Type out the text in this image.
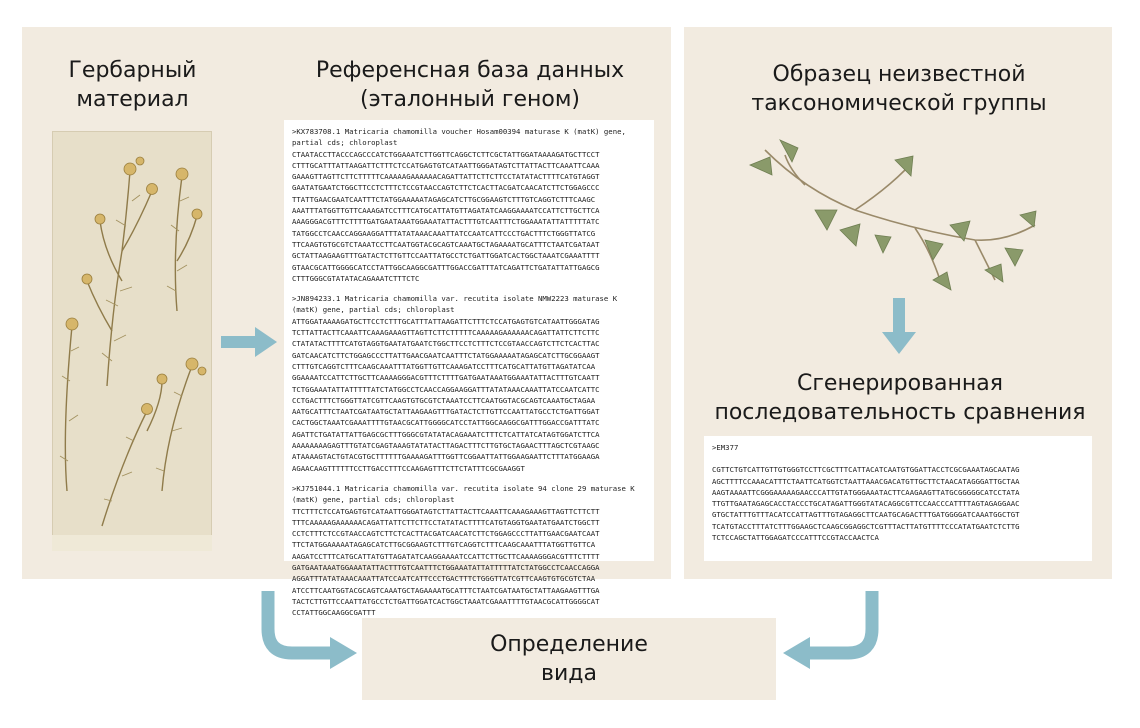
Гербарный материал
Референсная база данных (эталонный геном)
Образец неизвестной таксономической группы
Сгенерированная последовательность сравнения
Определение вида
>KX783708.1 Matricaria chamomilla voucher Hosam00394 maturase K (matK) gene, partial cds; chloroplast
CTAATACCTTACCCAGCCCATCTGGAAATCTTGGTTCAGGCTCTTCGCTATTGGATAAAAGATGCTTCCT
CTTTGCATTTATTAAGATTCTTTCTCCATGAGTGTCATAATTGGGATAGTCTTATTACTTCAAATTCAAA
GAAAGTTAGTTCTTCTTTTTCAAAAAGAAAAAACAGATTATTCTTCTTCCTATATACTTTTCATGTAGGT
GAATATGAATCTGGCTTCCTCTTTCTCCGTAACCAGTCTTCTCACTTACGATCAACATCTTCTGGAGCCC
TTATTGAACGAATCAATTTCTATGGAAAAATAGAGCATCTTGCGGAAGTCTTTGTCAGGTCTTTCAAGC
AAATTTATGGTTGTTCAAAGATCCTTTCATGCATTATGTTAGATATCAAGGAAAATCCATTCTTGCTTCA
AAAGGGACGTTTCTTTTGATGAATAAATGGAAATATTACTTTGTCAATTTCTGGAAATATTATTTTTATC
TATGGCCTCAACCAGGAAGGATTTATATAAACAAATTATCCAATCATTCCCTGACTTTCTGGGTTATCG
TTCAAGTGTGCGTCTAAATCCTTCAATGGTACGCAGTCAAATGCTAGAAAATGCATTTCTAATCGATAAT
GCTATTAAGAAGTTTGATACTCTTGTTCCAATTATGCCTCTGATTGGATCACTGGCTAAATCGAAATTTT
GTAACGCATTGGGGCATCCTATTGGCAAGGCGATTTGGACCGATTTATCAGATTCTGATATTATTGAGCG
CTTTGGGCGTATATACAGAAATCTTTCTC
>JN894233.1 Matricaria chamomilla var. recutita isolate NMW2223 maturase K (matK) gene, partial cds; chloroplast
ATTGGATAAAAGATGCTTCCTCTTTGCATTTATTAAGATTCTTTCTCCATGAGTGTCATAATTGGGATAG
TCTTATTACTTCAAATTCAAAGAAAGTTAGTTCTTCTTTTTCAAAAAGAAAAAACAGATTATTCTTCTTC
CTATATACTTTTCATGTAGGTGAATATGAATCTGGCTTCCTCTTTCTCCGTAACCAGTCTTCTCACTTAC
GATCAACATCTTCTGGAGCCCTTATTGAACGAATCAATTTCTATGGAAAAATAGAGCATCTTGCGGAAGT
CTTTGTCAGGTCTTTCAAGCAAATTTATGGTTGTTCAAAGATCCTTTCATGCATTATGTTAGATATCAA
GGAAAATCCATTCTTGCTTCAAAAGGGACGTTTCTTTTGATGAATAAATGGAAATATTACTTTGTCAATT
TCTGGAAATATTATTTTTATCTATGGCCTCAACCAGGAAGGATTTATATAAACAAATTATCCAATCATTC
CCTGACTTTCTGGGTTATCGTTCAAGTGTGCGTCTAAATCCTTCAATGGTACGCAGTCAAATGCTAGAA
AATGCATTTCTAATCGATAATGCTATTAAGAAGTTTGATACTCTTGTTCCAATTATGCCTCTGATTGGAT
CACTGGCTAAATCGAAATTTTGTAACGCATTGGGGCATCCTATTGGCAAGGCGATTTGGACCGATTTATC
AGATTCTGATATTATTGAGCGCTTTGGGCGTATATACAGAAATCTTTCTCATTATCATAGTGGATCTTCA
AAAAAAAAGAGTTTGTATCGAGTAAAGTATATACTTAGACTTTCTTGTGCTAGAACTTTAGCTCGTAAGC
ATAAAAGTACTGTACGTGCTTTTTTGAAAAGATTTGGTTCGGAATTATTGGAAGAATTCTTTATGGAAGA
AGAACAAGTTTTTTCCTTGACCTTTCCAAGAGTTTCTTCTATTTCGCGAAGGT
>KJ751044.1 Matricaria chamomilla var. recutita isolate 94 clone 29 maturase K (matK) gene, partial cds; chloroplast
TTCTTTCTCCATGAGTGTCATAATTGGGATAGTCTTATTACTTCAAATTCAAAGAAAGTTAGTTCTTCTT
TTTCAAAAAGAAAAAACAGATTATTCTTCTTCCTATATACTTTTCATGTAGGTGAATATGAATCTGGCTT
CCTCTTTCTCCGTAACCAGTCTTCTCACTTACGATCAACATCTTCTGGAGCCCTTATTGAACGAATCAAT
TTCTATGGAAAAATAGAGCATCTTGCGGAAGTCTTTGTCAGGTCTTTCAAGCAAATTTATGGTTGTTCA
AAGATCCTTTCATGCATTATGTTAGATATCAAGGAAAATCCATTCTTGCTTCAAAAGGGACGTTTCTTTT
GATGAATAAATGGAAATATTACTTTGTCAATTTCTGGAAATATTATTTTTATCTATGGCCTCAACCAGGA
AGGATTTATATAAACAAATTATCCAATCATTCCCTGACTTTCTGGGTTATCGTTCAAGTGTGCGTCTAA
ATCCTTCAATGGTACGCAGTCAAATGCTAGAAAATGCATTTCTAATCGATAATGCTATTAAGAAGTTTGA
TACTCTTGTTCCAATTATGCCTCTGATTGGATCACTGGCTAAATCGAAATTTTGTAACGCATTGGGGCAT
CCTATTGGCAAGGCGATTT
>EM377
CGTTCTGTCATTGTTGTGGGTCCTTCGCTTTCATTACATCAATGTGGATTACCTCGCGAAATAGCAATAG
AGCTTTTCCAAACATTTCTAATTCATGGTCTAATTAAACGACATGTTGCTTCTAACATAGGGATTGCTAA
AAGTAAAATTCGGGAAAAAGAACCCATTGTATGGGAAATACTTCAAGAAGTTATGCGGGGGCATCCTATA
TTGTTGAATAGAGCACCTACCCTGCATAGATTGGGTATACAGGCGTTCCAACCCATTTTAGTAGAGGAAC
GTGCTATTTGTTTACATCCATTAGTTTGTAGAGGCTTCAATGCAGACTTTGATGGGGATCAAATGGCTGT
TCATGTACCTTTATCTTTGGAAGCTCAAGCGGAGGCTCGTTTACTTATGTTTTCCCATATGAATCTCTTG
TCTCCAGCTATTGGAGATCCCATTTCCGTACCAACTCA
